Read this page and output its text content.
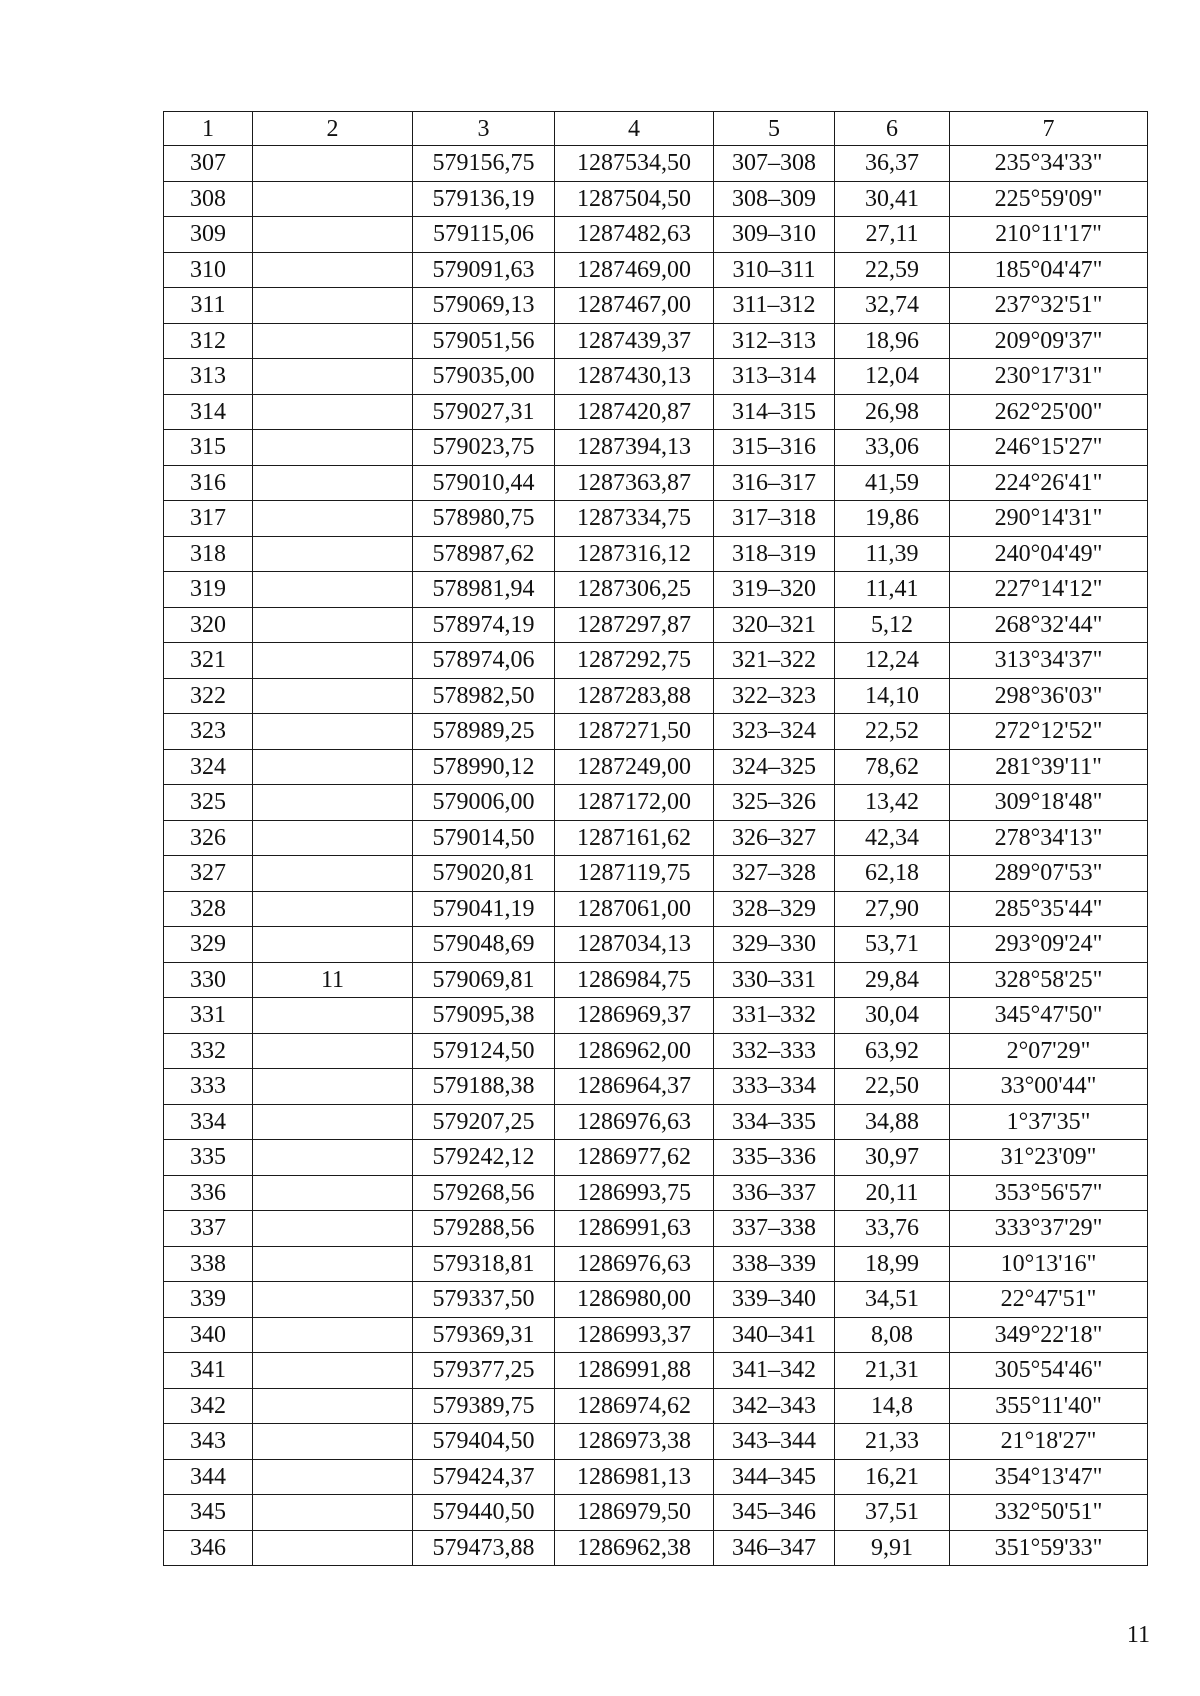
1	2	3	4	5	6	7
307		579156,75	1287534,50	307–308	36,37	235°34'33"
308		579136,19	1287504,50	308–309	30,41	225°59'09"
309		579115,06	1287482,63	309–310	27,11	210°11'17"
310		579091,63	1287469,00	310–311	22,59	185°04'47"
311		579069,13	1287467,00	311–312	32,74	237°32'51"
312		579051,56	1287439,37	312–313	18,96	209°09'37"
313		579035,00	1287430,13	313–314	12,04	230°17'31"
314		579027,31	1287420,87	314–315	26,98	262°25'00"
315		579023,75	1287394,13	315–316	33,06	246°15'27"
316		579010,44	1287363,87	316–317	41,59	224°26'41"
317		578980,75	1287334,75	317–318	19,86	290°14'31"
318		578987,62	1287316,12	318–319	11,39	240°04'49"
319		578981,94	1287306,25	319–320	11,41	227°14'12"
320		578974,19	1287297,87	320–321	5,12	268°32'44"
321		578974,06	1287292,75	321–322	12,24	313°34'37"
322		578982,50	1287283,88	322–323	14,10	298°36'03"
323		578989,25	1287271,50	323–324	22,52	272°12'52"
324		578990,12	1287249,00	324–325	78,62	281°39'11"
325		579006,00	1287172,00	325–326	13,42	309°18'48"
326		579014,50	1287161,62	326–327	42,34	278°34'13"
327		579020,81	1287119,75	327–328	62,18	289°07'53"
328		579041,19	1287061,00	328–329	27,90	285°35'44"
329		579048,69	1287034,13	329–330	53,71	293°09'24"
330	11	579069,81	1286984,75	330–331	29,84	328°58'25"
331		579095,38	1286969,37	331–332	30,04	345°47'50"
332		579124,50	1286962,00	332–333	63,92	2°07'29"
333		579188,38	1286964,37	333–334	22,50	33°00'44"
334		579207,25	1286976,63	334–335	34,88	1°37'35"
335		579242,12	1286977,62	335–336	30,97	31°23'09"
336		579268,56	1286993,75	336–337	20,11	353°56'57"
337		579288,56	1286991,63	337–338	33,76	333°37'29"
338		579318,81	1286976,63	338–339	18,99	10°13'16"
339		579337,50	1286980,00	339–340	34,51	22°47'51"
340		579369,31	1286993,37	340–341	8,08	349°22'18"
341		579377,25	1286991,88	341–342	21,31	305°54'46"
342		579389,75	1286974,62	342–343	14,8	355°11'40"
343		579404,50	1286973,38	343–344	21,33	21°18'27"
344		579424,37	1286981,13	344–345	16,21	354°13'47"
345		579440,50	1286979,50	345–346	37,51	332°50'51"
346		579473,88	1286962,38	346–347	9,91	351°59'33"
11
